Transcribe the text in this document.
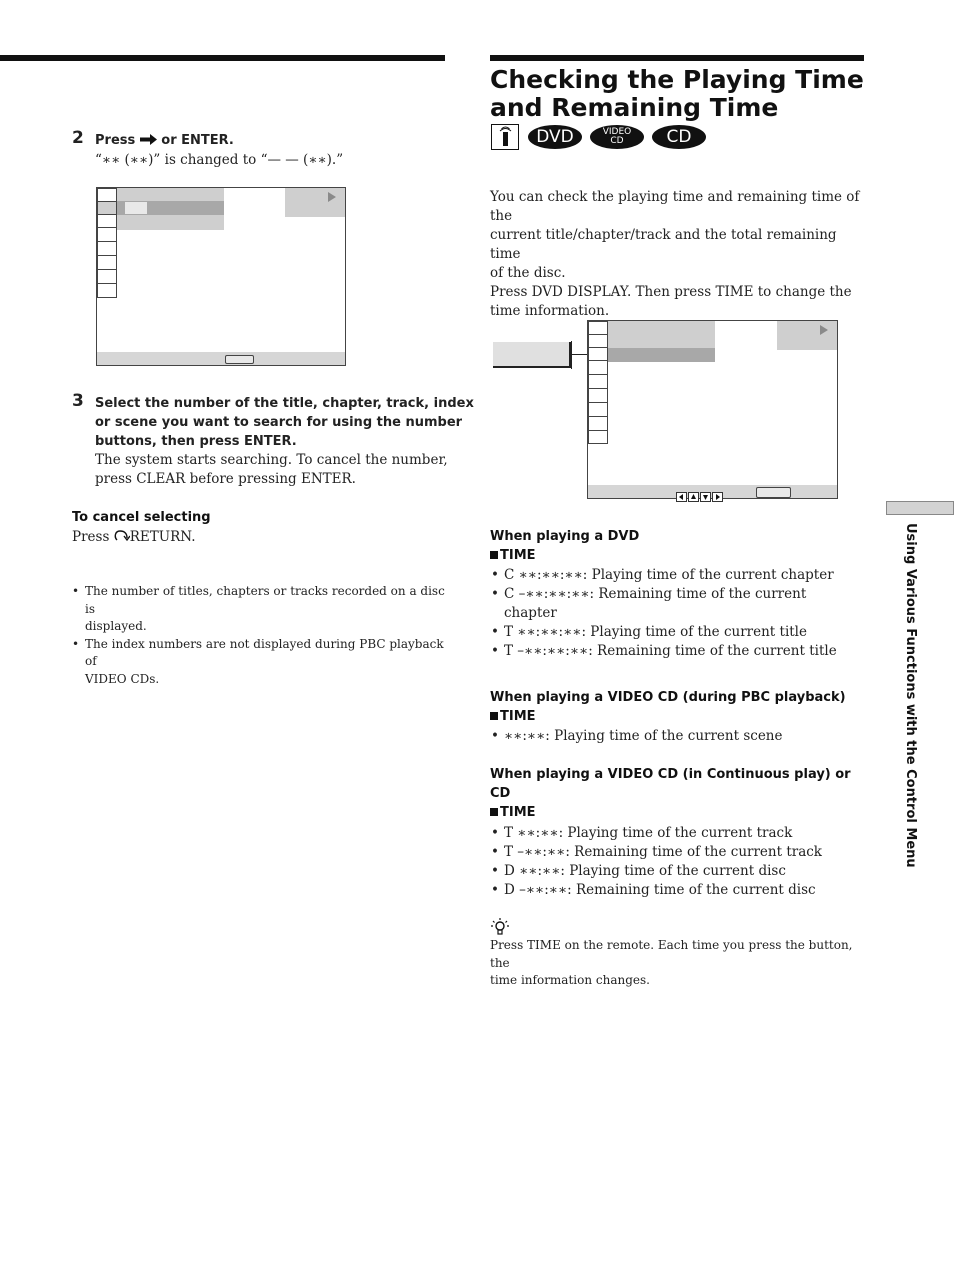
2 Press  or ENTER.
“∗∗ (∗∗)” is changed to “— — (∗∗).”
3 Select the number of the title, chapter, track, index
or scene you want to search for using the number
buttons, then press ENTER.
The system starts searching. To cancel the number,
press CLEAR before pressing ENTER.
To cancel selecting
Press RETURN.
• The number of titles, chapters or tracks recorded on a disc is
displayed.
• The index numbers are not displayed during PBC playback of
VIDEO CDs.
Checking the Playing Time
and Remaining Time
DVD	VIDEO CD	CD
You can check the playing time and remaining time of the
current title/chapter/track and the total remaining time
of the disc.
Press DVD DISPLAY. Then press TIME to change the
time information.
When playing a DVD
TIME
• C ∗∗:∗∗:∗∗: Playing time of the current chapter
• C –∗∗:∗∗:∗∗: Remaining time of the current
chapter
• T ∗∗:∗∗:∗∗: Playing time of the current title
• T –∗∗:∗∗:∗∗: Remaining time of the current title
When playing a VIDEO CD (during PBC playback)
TIME
• ∗∗:∗∗: Playing time of the current scene
When playing a VIDEO CD (in Continuous play) or
CD
TIME
• T ∗∗:∗∗: Playing time of the current track
• T –∗∗:∗∗: Remaining time of the current track
• D ∗∗:∗∗: Playing time of the current disc
• D –∗∗:∗∗: Remaining time of the current disc
Press TIME on the remote. Each time you press the button, the
time information changes.
Using Various Functions with the Control Menu
